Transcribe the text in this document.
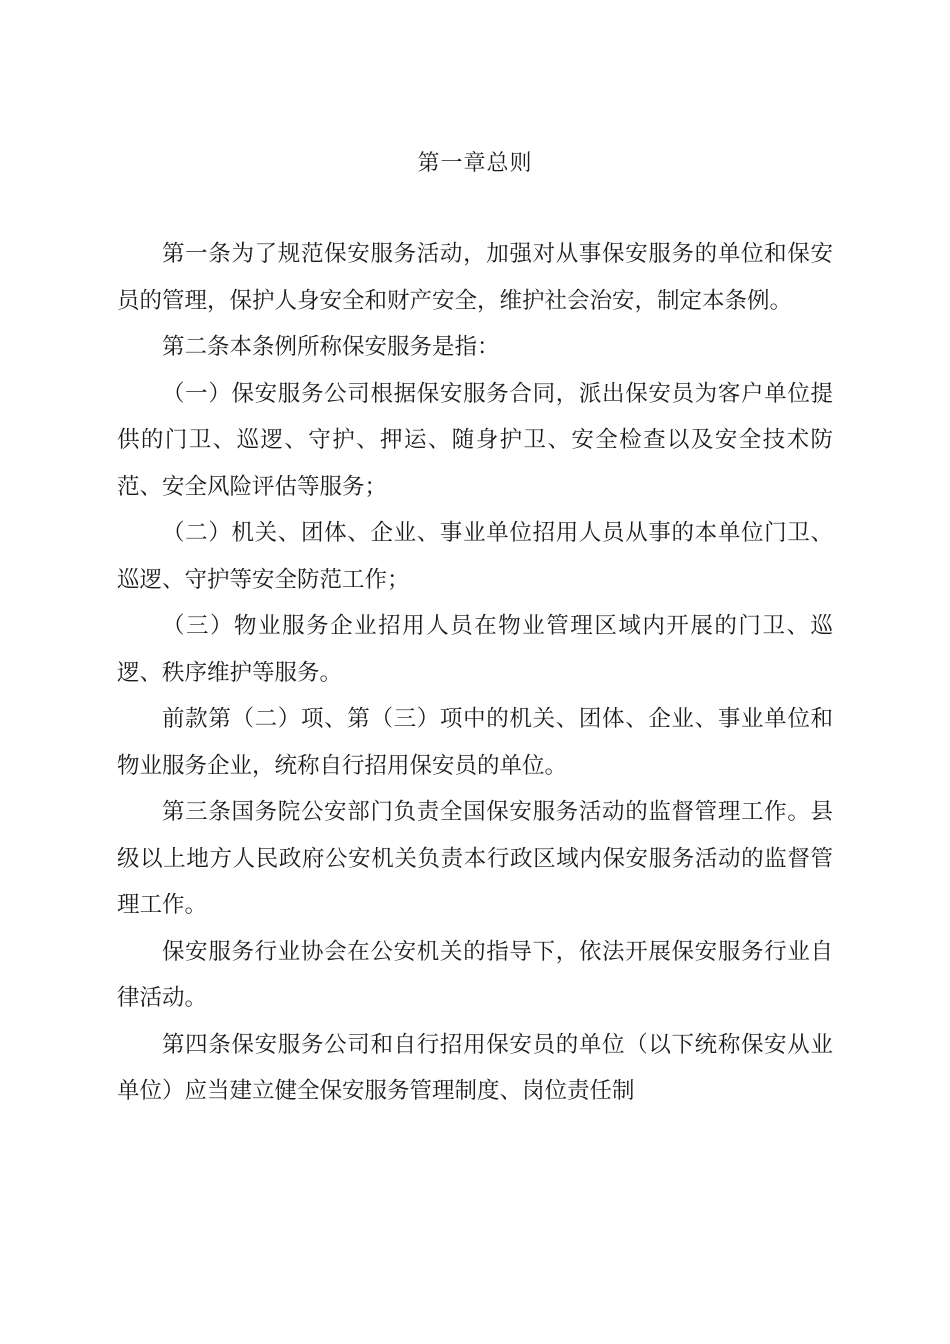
第一章总则

第一条为了规范保安服务活动，加强对从事保安服务的单位和保安员的管理，保护人身安全和财产安全，维护社会治安，制定本条例。

第二条本条例所称保安服务是指：

（一）保安服务公司根据保安服务合同，派出保安员为客户单位提供的门卫、巡逻、守护、押运、随身护卫、安全检查以及安全技术防范、安全风险评估等服务；

（二）机关、团体、企业、事业单位招用人员从事的本单位门卫、巡逻、守护等安全防范工作；

（三）物业服务企业招用人员在物业管理区域内开展的门卫、巡逻、秩序维护等服务。

前款第（二）项、第（三）项中的机关、团体、企业、事业单位和物业服务企业，统称自行招用保安员的单位。

第三条国务院公安部门负责全国保安服务活动的监督管理工作。县级以上地方人民政府公安机关负责本行政区域内保安服务活动的监督管理工作。

保安服务行业协会在公安机关的指导下，依法开展保安服务行业自律活动。

第四条保安服务公司和自行招用保安员的单位（以下统称保安从业单位）应当建立健全保安服务管理制度、岗位责任制
